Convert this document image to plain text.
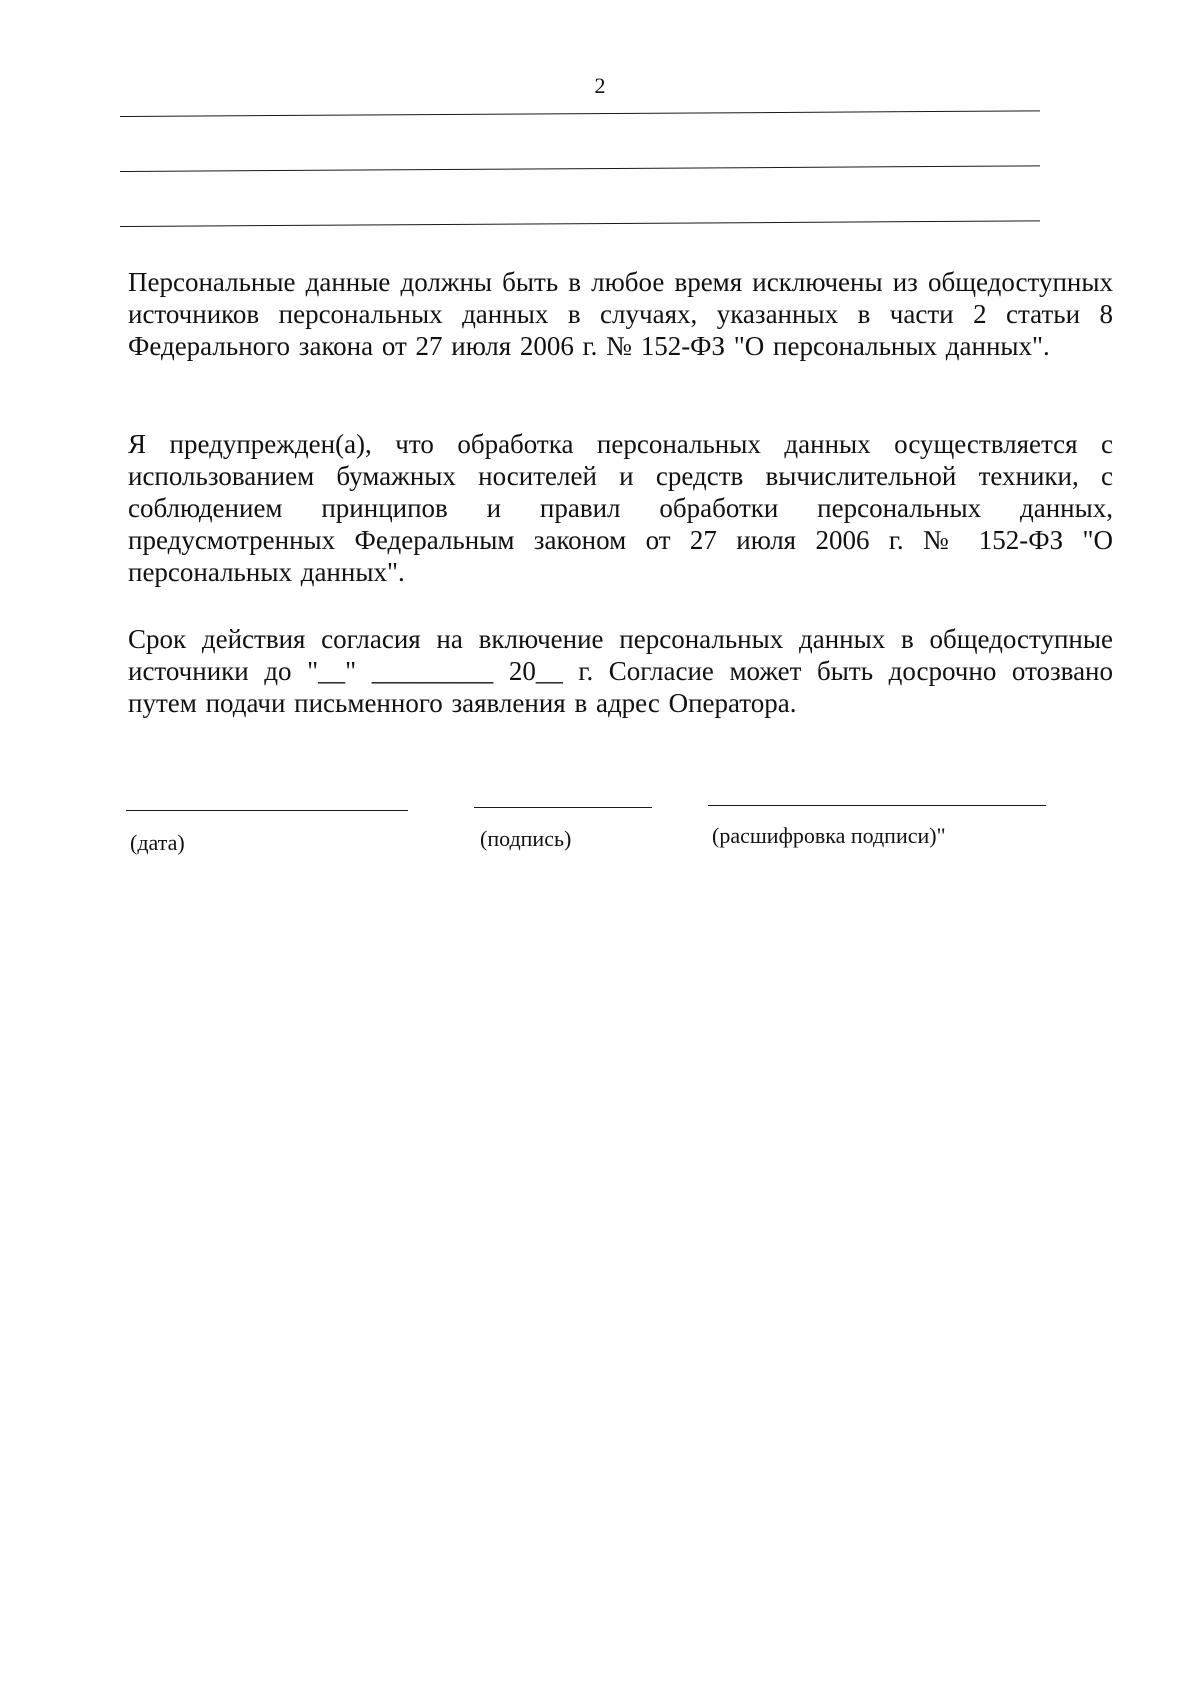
2
Персональные данные должны быть в любое время исключены из общедоступных источников персональных данных в случаях, указанных в части 2 статьи 8 Федерального закона от 27 июля 2006 г. № 152-ФЗ "О персональных данных".
Я предупрежден(а), что обработка персональных данных осуществляется с использованием бумажных носителей и средств вычислительной техники, с соблюдением принципов и правил обработки персональных данных, предусмотренных Федеральным законом от 27 июля 2006 г. № 152-ФЗ "О персональных данных".
Срок действия согласия на включение персональных данных в общедоступные источники до "__" _________ 20__ г. Согласие может быть досрочно отозвано путем подачи письменного заявления в адрес Оператора.
(дата)	(подпись)	(расшифровка подписи)"
